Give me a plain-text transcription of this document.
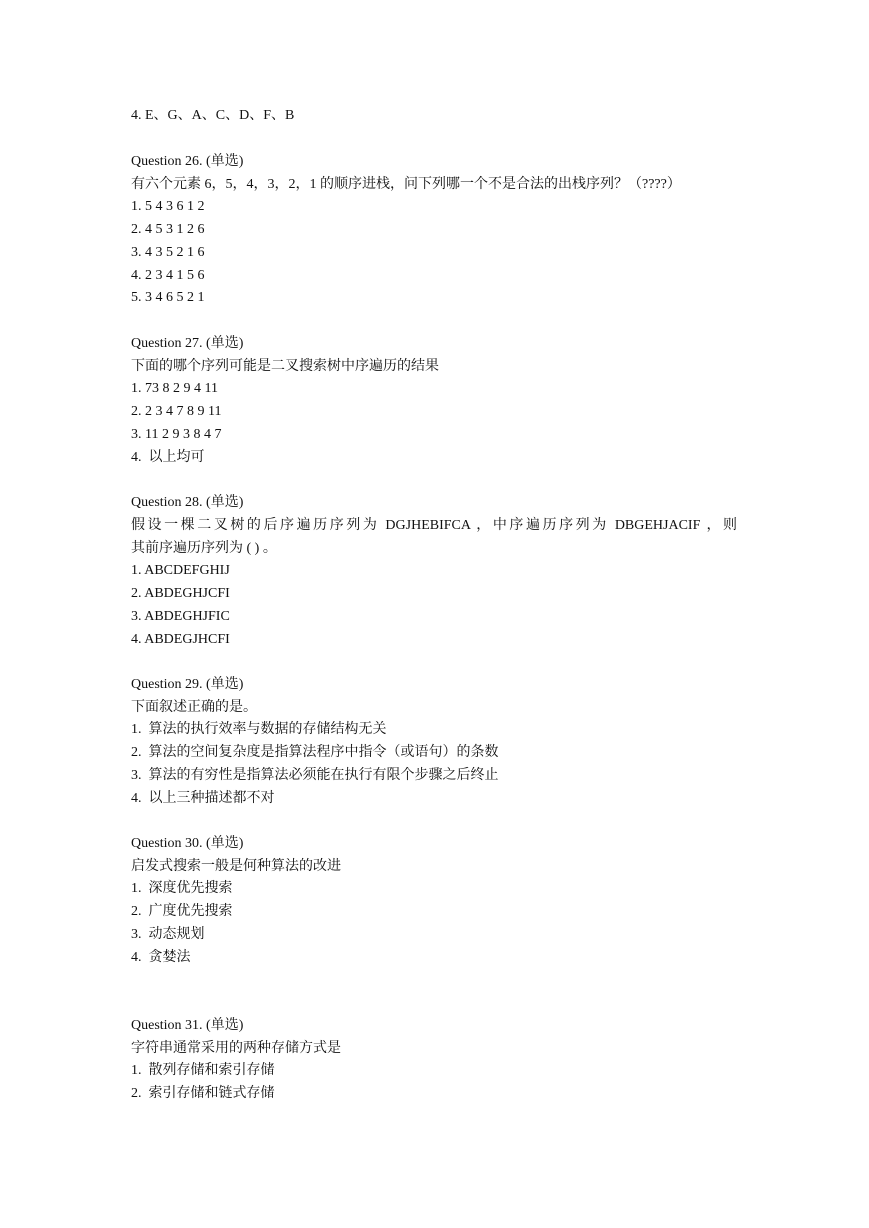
4. E、G、A、C、D、F、B
Question 26. (单选)
有六个元素 6，5，4，3，2，1 的顺序进栈，问下列哪一个不是合法的出栈序列？（????）
1. 5 4 3 6 1 2
2. 4 5 3 1 2 6
3. 4 3 5 2 1 6
4. 2 3 4 1 5 6
5. 3 4 6 5 2 1
Question 27. (单选)
下面的哪个序列可能是二叉搜索树中序遍历的结果
1. 73 8 2 9 4 11
2. 2 3 4 7 8 9 11
3. 11 2 9 3 8 4 7
4.  以上均可
Question 28. (单选)
假设一棵二叉树的后序遍历序列为 DGJHEBIFCA ，中序遍历序列为 DBGEHJACIF ，则
其前序遍历序列为 ( ) 。
1. ABCDEFGHIJ
2. ABDEGHJCFI
3. ABDEGHJFIC
4. ABDEGJHCFI
Question 29. (单选)
下面叙述正确的是。
1.  算法的执行效率与数据的存储结构无关
2.  算法的空间复杂度是指算法程序中指令（或语句）的条数
3.  算法的有穷性是指算法必须能在执行有限个步骤之后终止
4.  以上三种描述都不对
Question 30. (单选)
启发式搜索一般是何种算法的改进
1.  深度优先搜索
2.  广度优先搜索
3.  动态规划
4.  贪婪法
Question 31. (单选)
字符串通常采用的两种存储方式是
1.  散列存储和索引存储
2.  索引存储和链式存储
